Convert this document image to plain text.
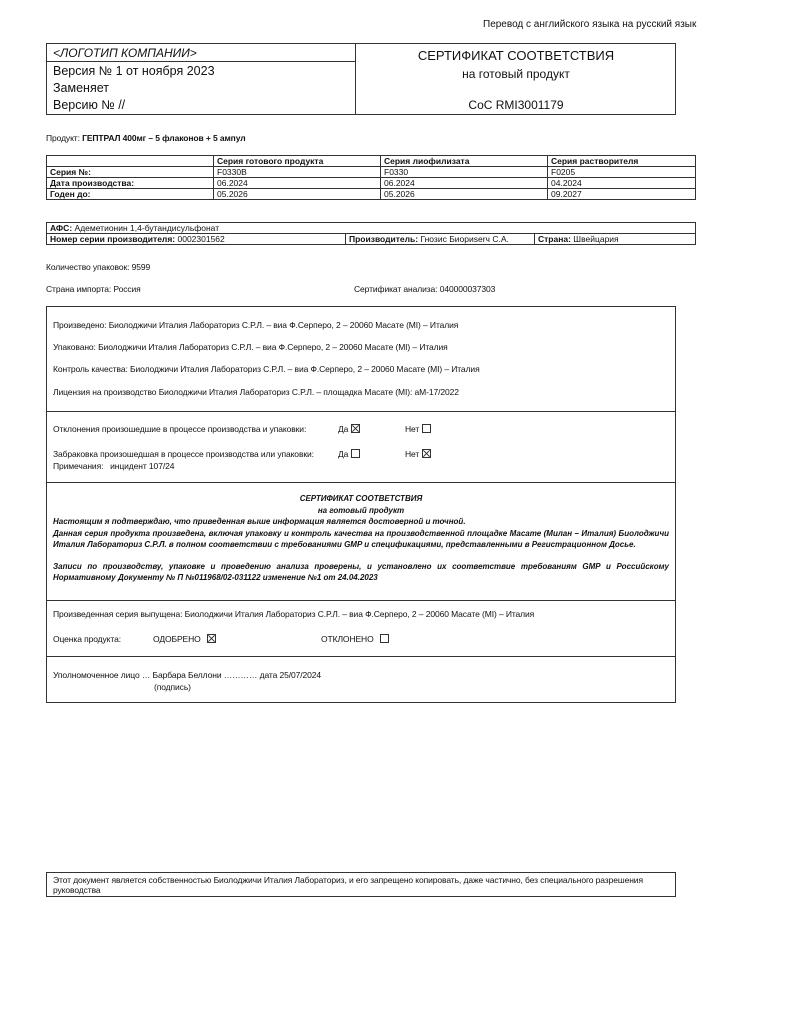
Перевод с английского языка на русский язык
<ЛОГОТИП КОМПАНИИ>
Версия № 1 от ноября 2023
Заменяет
Версию № //
СЕРТИФИКАТ СООТВЕТСТВИЯ
на готовый продукт
CoC RMI3001179
Продукт: ГЕПТРАЛ 400мг – 5 флаконов + 5 ампул
	Серия готового продукта	Серия лиофилизата	Серия растворителя
Серия №:	F0330B	F0330	F0205
Дата производства:	06.2024	06.2024	04.2024
Годен до:	05.2026	05.2026	09.2027
АФС: Адеметионин 1,4-бутандисульфонат
Номер серии производителя: 0002301562	Производитель: Гнозис Биориserч С.А.	Страна: Швейцария
Количество упаковок: 9599
Страна импорта: Россия	Сертификат анализа: 040000037303
Произведено: Биолоджичи Италия Лабораториз С.Р.Л. – виа Ф.Серперо, 2 – 20060 Масате (MI) – Италия
Упаковано: Биолоджичи Италия Лабораториз С.Р.Л. – виа Ф.Серперо, 2 – 20060 Масате (MI) – Италия
Контроль качества: Биолоджичи Италия Лабораториз С.Р.Л. – виа Ф.Серперо, 2 – 20060 Масате (MI) – Италия
Лицензия на производство Биолоджичи Италия Лабораториз С.Р.Л. – площадка Масате (MI): aM-17/2022
Отклонения произошедшие в процессе производства и упаковки:	Да	Нет
Забраковка произошедшая в процессе производства или упаковки:	Да	Нет
Примечания: инцидент 107/24
СЕРТИФИКАТ СООТВЕТСТВИЯ
на готовый продукт
Настоящим я подтверждаю, что приведенная выше информация является достоверной и точной.
Данная серия продукта произведена, включая упаковку и контроль качества на производственной площадке Масате (Милан – Италия) Биолоджичи Италия Лабораториз С.Р.Л. в полном соответствии с требованиями GMP и спецификациями, представленными в Регистрационном Досье.
Записи по производству, упаковке и проведению анализа проверены, и установлено их соответствие требованиям GMP и Российскому Нормативному Документу № П №011968/02-031122 изменение №1 от 24.04.2023
Произведенная серия выпущена: Биолоджичи Италия Лабораториз С.Р.Л. – виа Ф.Серперо, 2 – 20060 Масате (MI) – Италия
Оценка продукта:	ОДОБРЕНО	ОТКЛОНЕНО
Уполномоченное лицо … Барбара Беллони ………… дата 25/07/2024
(подпись)
Этот документ является собственностью Биолоджичи Италия Лабораториз, и его запрещено копировать, даже частично, без специального разрешения руководства
